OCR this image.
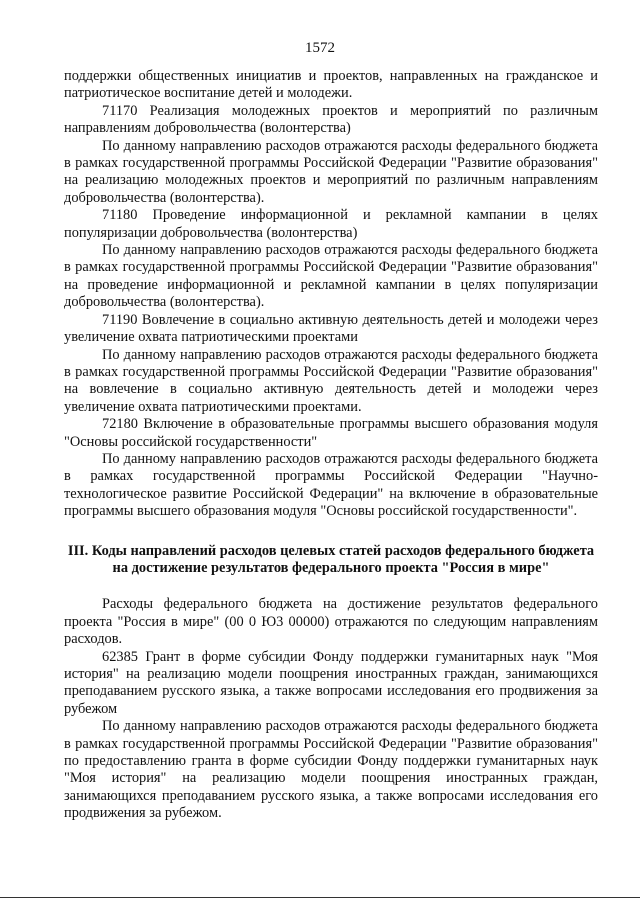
1572

поддержки общественных инициатив и проектов, направленных на гражданское и патриотическое воспитание детей и молодежи.

71170 Реализация молодежных проектов и мероприятий по различным направлениям добровольчества (волонтерства)

По данному направлению расходов отражаются расходы федерального бюджета в рамках государственной программы Российской Федерации "Развитие образования" на реализацию молодежных проектов и мероприятий по различным направлениям добровольчества (волонтерства).

71180 Проведение информационной и рекламной кампании в целях популяризации добровольчества (волонтерства)

По данному направлению расходов отражаются расходы федерального бюджета в рамках государственной программы Российской Федерации "Развитие образования" на проведение информационной и рекламной кампании в целях популяризации добровольчества (волонтерства).

71190 Вовлечение в социально активную деятельность детей и молодежи через увеличение охвата патриотическими проектами

По данному направлению расходов отражаются расходы федерального бюджета в рамках государственной программы Российской Федерации "Развитие образования" на вовлечение в социально активную деятельность детей и молодежи через увеличение охвата патриотическими проектами.

72180 Включение в образовательные программы высшего образования модуля "Основы российской государственности"

По данному направлению расходов отражаются расходы федерального бюджета в рамках государственной программы Российской Федерации "Научно-технологическое развитие Российской Федерации" на включение в образовательные программы высшего образования модуля "Основы российской государственности".

III. Коды направлений расходов целевых статей расходов федерального бюджета на достижение результатов федерального проекта "Россия в мире"

Расходы федерального бюджета на достижение результатов федерального проекта "Россия в мире" (00 0 Ю3 00000) отражаются по следующим направлениям расходов.

62385 Грант в форме субсидии Фонду поддержки гуманитарных наук "Моя история" на реализацию модели поощрения иностранных граждан, занимающихся преподаванием русского языка, а также вопросами исследования его продвижения за рубежом

По данному направлению расходов отражаются расходы федерального бюджета в рамках государственной программы Российской Федерации "Развитие образования" по предоставлению гранта в форме субсидии Фонду поддержки гуманитарных наук "Моя история" на реализацию модели поощрения иностранных граждан, занимающихся преподаванием русского языка, а также вопросами исследования его продвижения за рубежом.
